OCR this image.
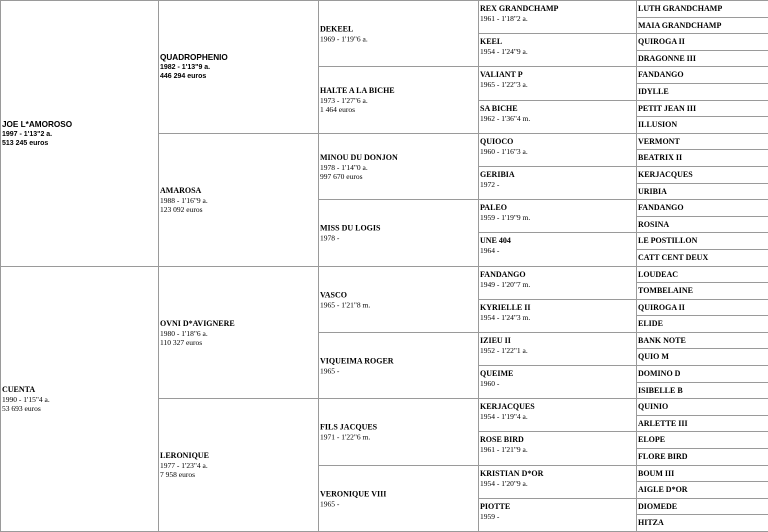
JOE L*AMOROSO
1997 - 1'13"2 a.
513 245 euros
CUENTA
1990 - 1'15"4 a.
53 693 euros
QUADROPHENIO
1982 - 1'13"9 a.
446 294 euros
AMAROSA
1988 - 1'16"9 a.
123 092 euros
OVNI D*AVIGNERE
1980 - 1'18"6 a.
110 327 euros
LERONIQUE
1977 - 1'23"4 a.
7 958 euros
DEKEEL
1969 - 1'19"6 a.
HALTE A LA BICHE
1973 - 1'27"6 a.
1 464 euros
MINOU DU DONJON
1978 - 1'14"0 a.
997 670 euros
MISS DU LOGIS
1978 -
VASCO
1965 - 1'21"8 m.
VIQUEIMA ROGER
1965 -
FILS JACQUES
1971 - 1'22"6 m.
VERONIQUE VIII
1965 -
REX GRANDCHAMP
1961 - 1'18"2 a.
KEEL
1954 - 1'24"9 a.
VALIANT P
1965 - 1'22"3 a.
SA BICHE
1962 - 1'36"4 m.
QUIOCO
1960 - 1'16"3 a.
GERIBIA
1972 -
PALEO
1959 - 1'19"9 m.
UNE 404
1964 -
FANDANGO
1949 - 1'20"7 m.
KYRIELLE II
1954 - 1'24"3 m.
IZIEU II
1952 - 1'22"1 a.
QUEIME
1960 -
KERJACQUES
1954 - 1'19"4 a.
ROSE BIRD
1961 - 1'21"9 a.
KRISTIAN D*OR
1954 - 1'20"9 a.
PIOTTE
1959 -
LUTH GRANDCHAMP
MAIA GRANDCHAMP
QUIROGA II
DRAGONNE III
FANDANGO
IDYLLE
PETIT JEAN III
ILLUSION
VERMONT
BEATRIX II
KERJACQUES
URIBIA
FANDANGO
ROSINA
LE POSTILLON
CATT CENT DEUX
LOUDEAC
TOMBELAINE
QUIROGA II
ELIDE
BANK NOTE
QUIO M
DOMINO D
ISIBELLE B
QUINIO
ARLETTE III
ELOPE
FLORE BIRD
BOUM III
AIGLE D*OR
DIOMEDE
HITZA
